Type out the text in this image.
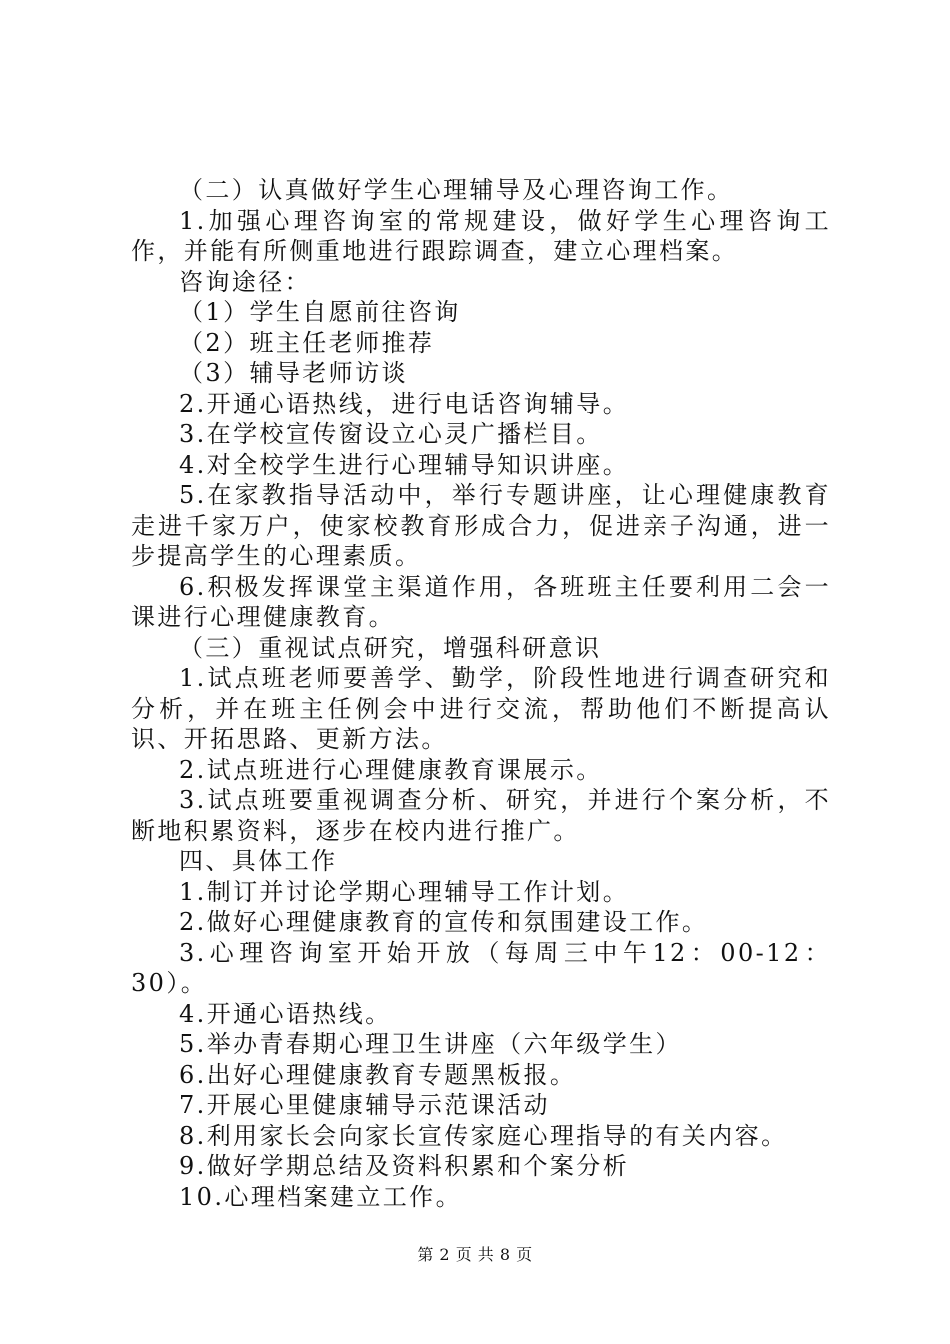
（二）认真做好学生心理辅导及心理咨询工作。

1.加强心理咨询室的常规建设，做好学生心理咨询工作，并能有所侧重地进行跟踪调查，建立心理档案。

咨询途径：

（1）学生自愿前往咨询

（2）班主任老师推荐

（3）辅导老师访谈

2.开通心语热线，进行电话咨询辅导。

3.在学校宣传窗设立心灵广播栏目。

4.对全校学生进行心理辅导知识讲座。

5.在家教指导活动中，举行专题讲座，让心理健康教育走进千家万户，使家校教育形成合力，促进亲子沟通，进一步提高学生的心理素质。

6.积极发挥课堂主渠道作用，各班班主任要利用二会一课进行心理健康教育。

（三）重视试点研究，增强科研意识

1.试点班老师要善学、勤学，阶段性地进行调查研究和分析，并在班主任例会中进行交流，帮助他们不断提高认识、开拓思路、更新方法。

2.试点班进行心理健康教育课展示。

3.试点班要重视调查分析、研究，并进行个案分析，不断地积累资料，逐步在校内进行推广。

四、具体工作

1.制订并讨论学期心理辅导工作计划。

2.做好心理健康教育的宣传和氛围建设工作。

3.心理咨询室开始开放（每周三中午12：00-12：30）。

4.开通心语热线。

5.举办青春期心理卫生讲座（六年级学生）

6.出好心理健康教育专题黑板报。

7.开展心里健康辅导示范课活动

8.利用家长会向家长宣传家庭心理指导的有关内容。

9.做好学期总结及资料积累和个案分析

10.心理档案建立工作。

第 2 页 共 8 页
